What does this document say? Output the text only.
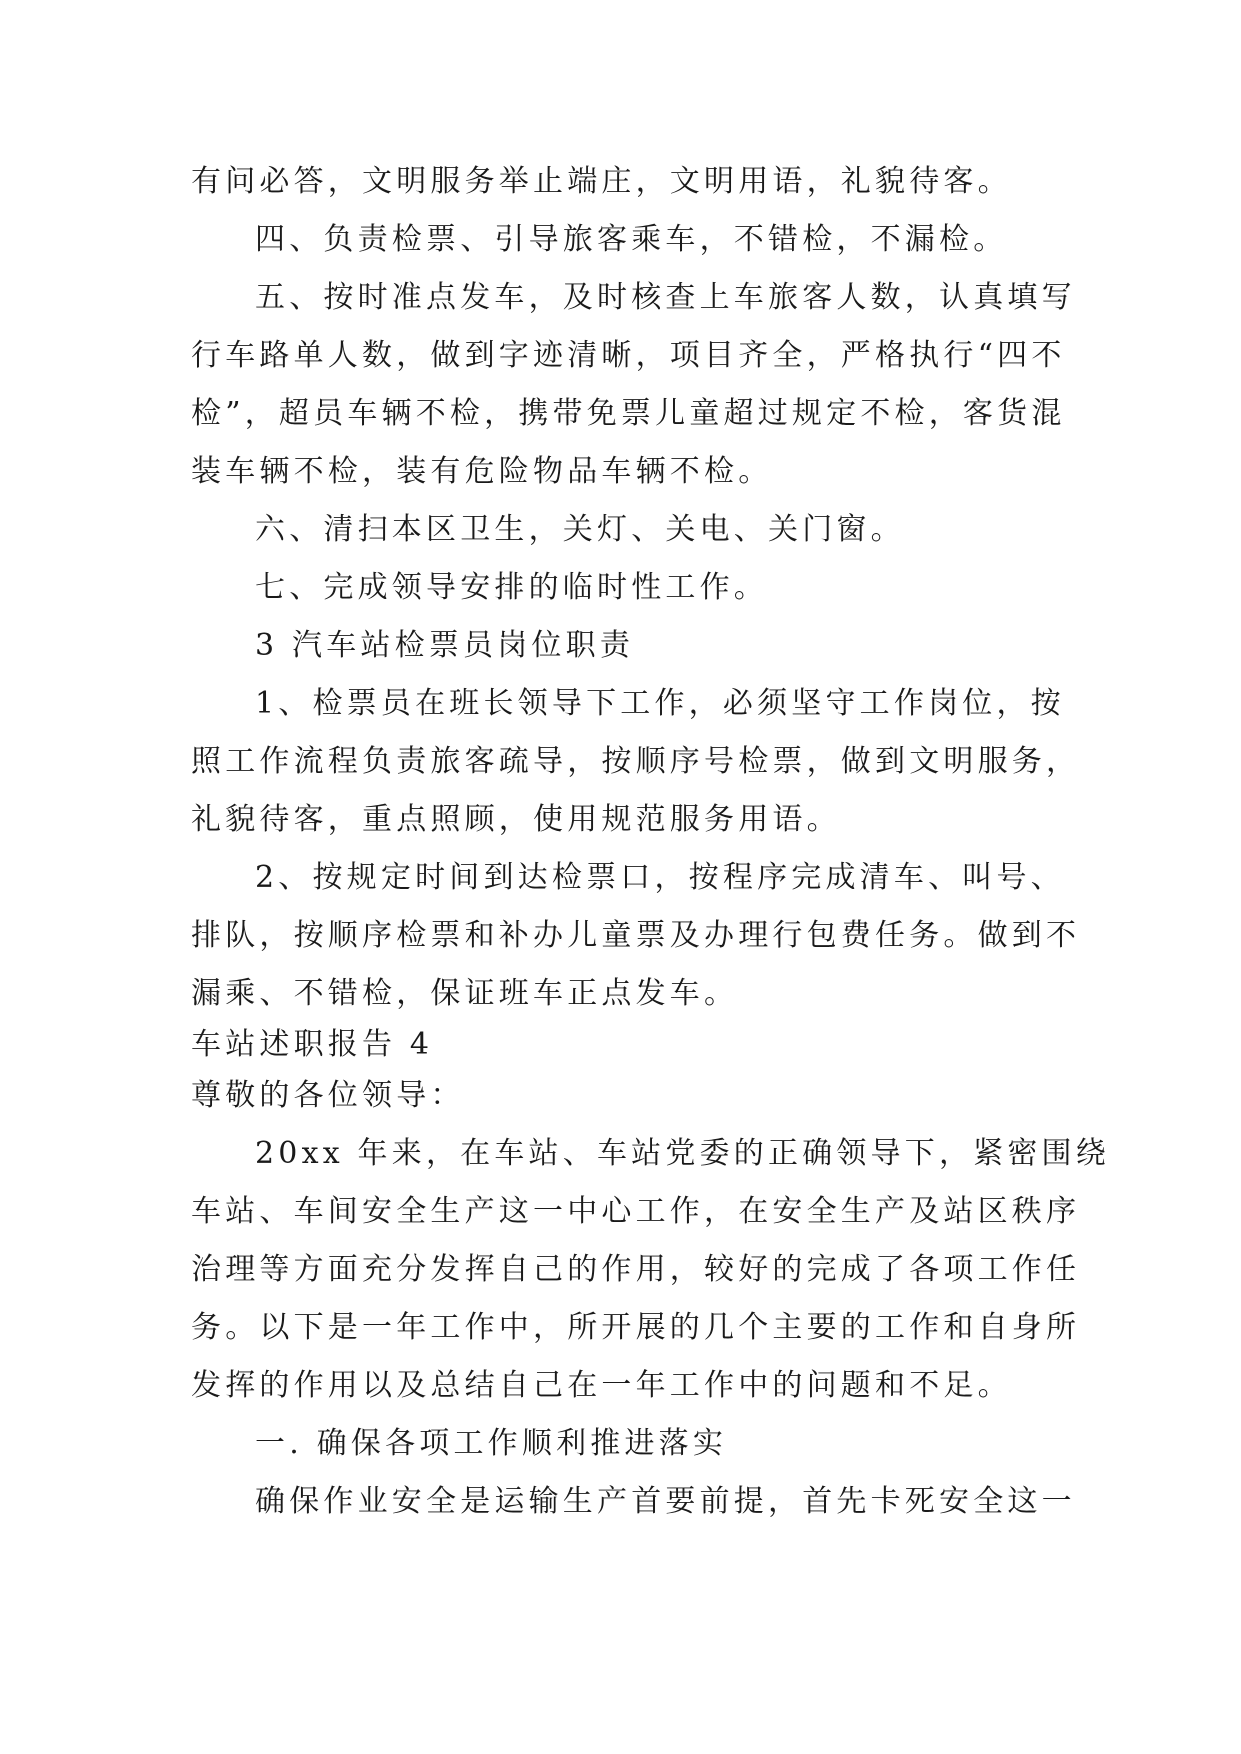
有问必答，文明服务举止端庄，文明用语，礼貌待客。
四、负责检票、引导旅客乘车，不错检，不漏检。
五、按时准点发车，及时核查上车旅客人数，认真填写
行车路单人数，做到字迹清晰，项目齐全，严格执行“四不
检”，超员车辆不检，携带免票儿童超过规定不检，客货混
装车辆不检，装有危险物品车辆不检。
六、清扫本区卫生，关灯、关电、关门窗。
七、完成领导安排的临时性工作。
3 汽车站检票员岗位职责
1、检票员在班长领导下工作，必须坚守工作岗位，按
照工作流程负责旅客疏导，按顺序号检票，做到文明服务，
礼貌待客，重点照顾，使用规范服务用语。
2、按规定时间到达检票口，按程序完成清车、叫号、
排队，按顺序检票和补办儿童票及办理行包费任务。做到不
漏乘、不错检，保证班车正点发车。
车站述职报告 4
尊敬的各位领导：
20xx 年来，在车站、车站党委的正确领导下，紧密围绕
车站、车间安全生产这一中心工作，在安全生产及站区秩序
治理等方面充分发挥自己的作用，较好的完成了各项工作任
务。以下是一年工作中，所开展的几个主要的工作和自身所
发挥的作用以及总结自己在一年工作中的问题和不足。
一. 确保各项工作顺利推进落实
确保作业安全是运输生产首要前提，首先卡死安全这一
